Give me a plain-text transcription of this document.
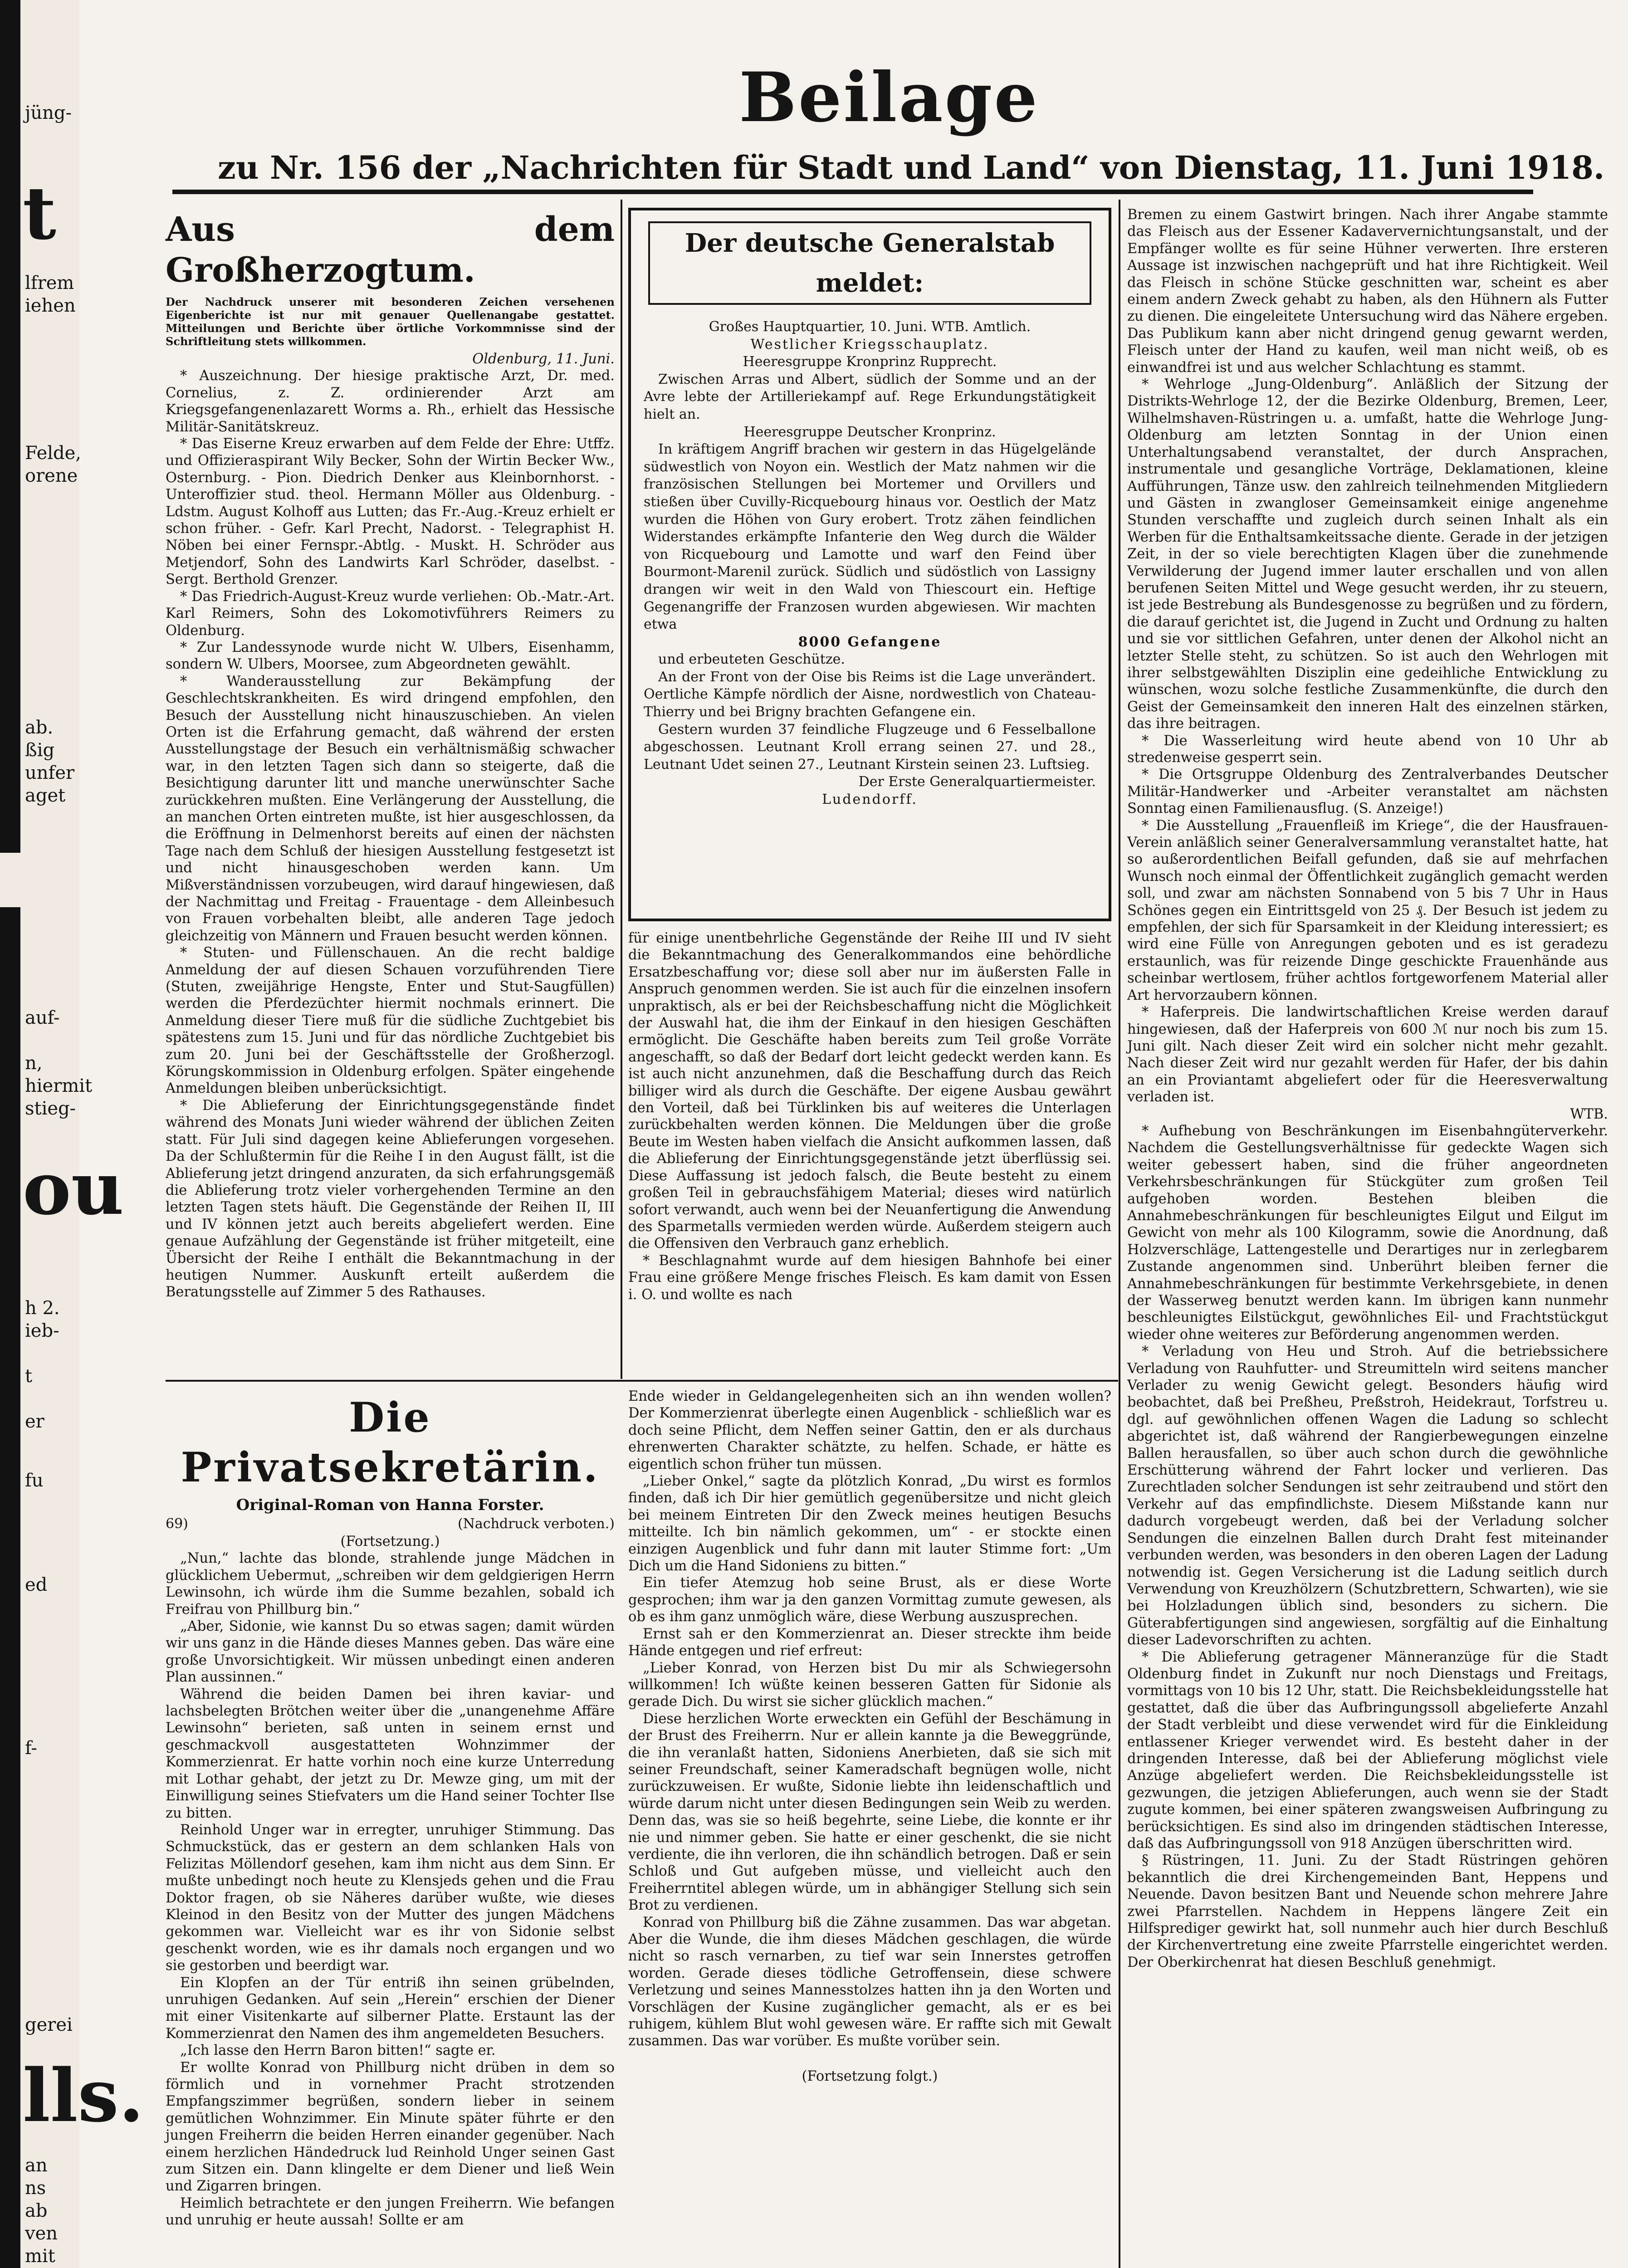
jüng-
t
lfrem
iehen
Felde,
orene
ab.
ßig
unfer
aget
auf-
n,
hiermit
stieg-
ou
h 2.
ieb-
t
er
fu
ed
f-
gerei
lls.
an
ns
ab
ven
mit
Beilage
zu Nr. 156 der „Nachrichten für Stadt und Land“ von Dienstag, 11. Juni 1918.
Aus dem Großherzogtum.
Der Nachdruck unserer mit besonderen Zeichen versehenen Eigenberichte ist nur mit genauer Quellenangabe gestattet. Mitteilungen und Berichte über örtliche Vorkommnisse sind der Schriftleitung stets willkommen.

Oldenburg, 11. Juni.

* Auszeichnung. Der hiesige praktische Arzt, Dr. med. Cornelius, z. Z. ordinierender Arzt am Kriegsgefangenenlazarett Worms a. Rh., erhielt das Hessische Militär-Sanitätskreuz.

* Das Eiserne Kreuz erwarben auf dem Felde der Ehre: Utffz. und Offizieraspirant Wily Becker, Sohn der Wirtin Becker Ww., Osternburg. - Pion. Diedrich Denker aus Kleinbornhorst. - Unteroffizier stud. theol. Hermann Möller aus Oldenburg. - Ldstm. August Kolhoff aus Lutten; das Fr.-Aug.-Kreuz erhielt er schon früher. - Gefr. Karl Precht, Nadorst. - Telegraphist H. Nöben bei einer Fernspr.-Abtlg. - Muskt. H. Schröder aus Metjendorf, Sohn des Landwirts Karl Schröder, daselbst. - Sergt. Berthold Grenzer.

* Das Friedrich-August-Kreuz wurde verliehen: Ob.-Matr.-Art. Karl Reimers, Sohn des Lokomotivführers Reimers zu Oldenburg.

* Zur Landessynode wurde nicht W. Ulbers, Eisenhamm, sondern W. Ulbers, Moorsee, zum Abgeordneten gewählt.

* Wanderausstellung zur Bekämpfung der Geschlechtskrankheiten. Es wird dringend empfohlen, den Besuch der Ausstellung nicht hinauszuschieben. An vielen Orten ist die Erfahrung gemacht, daß während der ersten Ausstellungstage der Besuch ein verhältnismäßig schwacher war, in den letzten Tagen sich dann so steigerte, daß die Besichtigung darunter litt und manche unerwünschter Sache zurückkehren mußten. Eine Verlängerung der Ausstellung, die an manchen Orten eintreten mußte, ist hier ausgeschlossen, da die Eröffnung in Delmenhorst bereits auf einen der nächsten Tage nach dem Schluß der hiesigen Ausstellung festgesetzt ist und nicht hinausgeschoben werden kann. Um Mißverständnissen vorzubeugen, wird darauf hingewiesen, daß der Nachmittag und Freitag - Frauentage - dem Alleinbesuch von Frauen vorbehalten bleibt, alle anderen Tage jedoch gleichzeitig von Männern und Frauen besucht werden können.

* Stuten- und Füllenschauen. An die recht baldige Anmeldung der auf diesen Schauen vorzuführenden Tiere (Stuten, zweijährige Hengste, Enter und Stut-Saugfüllen) werden die Pferdezüchter hiermit nochmals erinnert. Die Anmeldung dieser Tiere muß für die südliche Zuchtgebiet bis spätestens zum 15. Juni und für das nördliche Zuchtgebiet bis zum 20. Juni bei der Geschäftsstelle der Großherzogl. Körungskommission in Oldenburg erfolgen. Später eingehende Anmeldungen bleiben unberücksichtigt.

* Die Ablieferung der Einrichtungsgegenstände findet während des Monats Juni wieder während der üblichen Zeiten statt. Für Juli sind dagegen keine Ablieferungen vorgesehen. Da der Schlußtermin für die Reihe I in den August fällt, ist die Ablieferung jetzt dringend anzuraten, da sich erfahrungsgemäß die Ablieferung trotz vieler vorhergehenden Termine an den letzten Tagen stets häuft. Die Gegenstände der Reihen II, III und IV können jetzt auch bereits abgeliefert werden. Eine genaue Aufzählung der Gegenstände ist früher mitgeteilt, eine Übersicht der Reihe I enthält die Bekanntmachung in der heutigen Nummer. Auskunft erteilt außerdem die Beratungsstelle auf Zimmer 5 des Rathauses.

Der deutsche Generalstab meldet:

Großes Hauptquartier, 10. Juni. WTB. Amtlich.

Westlicher Kriegsschauplatz.

Heeresgruppe Kronprinz Rupprecht.

Zwischen Arras und Albert, südlich der Somme und an der Avre lebte der Artilleriekampf auf. Rege Erkundungstätigkeit hielt an.

Heeresgruppe Deutscher Kronprinz.

In kräftigem Angriff brachen wir gestern in das Hügelgelände südwestlich von Noyon ein. Westlich der Matz nahmen wir die französischen Stellungen bei Mortemer und Orvillers und stießen über Cuvilly-Ricquebourg hinaus vor. Oestlich der Matz wurden die Höhen von Gury erobert. Trotz zähen feindlichen Widerstandes erkämpfte Infanterie den Weg durch die Wälder von Ricquebourg und Lamotte und warf den Feind über Bourmont-Marenil zurück. Südlich und südöstlich von Lassigny drangen wir weit in den Wald von Thiescourt ein. Heftige Gegenangriffe der Franzosen wurden abgewiesen. Wir machten etwa

8000 Gefangene

und erbeuteten Geschütze.

An der Front von der Oise bis Reims ist die Lage unverändert. Oertliche Kämpfe nördlich der Aisne, nordwestlich von Chateau-Thierry und bei Brigny brachten Gefangene ein.

Gestern wurden 37 feindliche Flugzeuge und 6 Fesselballone abgeschossen. Leutnant Kroll errang seinen 27. und 28., Leutnant Udet seinen 27., Leutnant Kirstein seinen 23. Luftsieg.

Der Erste Generalquartiermeister.

Ludendorff.

für einige unentbehrliche Gegenstände der Reihe III und IV sieht die Bekanntmachung des Generalkommandos eine behördliche Ersatzbeschaffung vor; diese soll aber nur im äußersten Falle in Anspruch genommen werden. Sie ist auch für die einzelnen insofern unpraktisch, als er bei der Reichsbeschaffung nicht die Möglichkeit der Auswahl hat, die ihm der Einkauf in den hiesigen Geschäften ermöglicht. Die Geschäfte haben bereits zum Teil große Vorräte angeschafft, so daß der Bedarf dort leicht gedeckt werden kann. Es ist auch nicht anzunehmen, daß die Beschaffung durch das Reich billiger wird als durch die Geschäfte. Der eigene Ausbau gewährt den Vorteil, daß bei Türklinken bis auf weiteres die Unterlagen zurückbehalten werden können. Die Meldungen über die große Beute im Westen haben vielfach die Ansicht aufkommen lassen, daß die Ablieferung der Einrichtungsgegenstände jetzt überflüssig sei. Diese Auffassung ist jedoch falsch, die Beute besteht zu einem großen Teil in gebrauchsfähigem Material; dieses wird natürlich sofort verwandt, auch wenn bei der Neuanfertigung die Anwendung des Sparmetalls vermieden werden würde. Außerdem steigern auch die Offensiven den Verbrauch ganz erheblich.

* Beschlagnahmt wurde auf dem hiesigen Bahnhofe bei einer Frau eine größere Menge frisches Fleisch. Es kam damit von Essen i. O. und wollte es nach

Bremen zu einem Gastwirt bringen. Nach ihrer Angabe stammte das Fleisch aus der Essener Kadaververnichtungsanstalt, und der Empfänger wollte es für seine Hühner verwerten. Ihre ersteren Aussage ist inzwischen nachgeprüft und hat ihre Richtigkeit. Weil das Fleisch in schöne Stücke geschnitten war, scheint es aber einem andern Zweck gehabt zu haben, als den Hühnern als Futter zu dienen. Die eingeleitete Untersuchung wird das Nähere ergeben. Das Publikum kann aber nicht dringend genug gewarnt werden, Fleisch unter der Hand zu kaufen, weil man nicht weiß, ob es einwandfrei ist und aus welcher Schlachtung es stammt.

* Wehrloge „Jung-Oldenburg“. Anläßlich der Sitzung der Distrikts-Wehrloge 12, der die Bezirke Oldenburg, Bremen, Leer, Wilhelmshaven-Rüstringen u. a. umfaßt, hatte die Wehrloge Jung-Oldenburg am letzten Sonntag in der Union einen Unterhaltungsabend veranstaltet, der durch Ansprachen, instrumentale und gesangliche Vorträge, Deklamationen, kleine Aufführungen, Tänze usw. den zahlreich teilnehmenden Mitgliedern und Gästen in zwangloser Gemeinsamkeit einige angenehme Stunden verschaffte und zugleich durch seinen Inhalt als ein Werben für die Enthaltsamkeitssache diente. Gerade in der jetzigen Zeit, in der so viele berechtigten Klagen über die zunehmende Verwilderung der Jugend immer lauter erschallen und von allen berufenen Seiten Mittel und Wege gesucht werden, ihr zu steuern, ist jede Bestrebung als Bundesgenosse zu begrüßen und zu fördern, die darauf gerichtet ist, die Jugend in Zucht und Ordnung zu halten und sie vor sittlichen Gefahren, unter denen der Alkohol nicht an letzter Stelle steht, zu schützen. So ist auch den Wehrlogen mit ihrer selbstgewählten Disziplin eine gedeihliche Entwicklung zu wünschen, wozu solche festliche Zusammenkünfte, die durch den Geist der Gemeinsamkeit den inneren Halt des einzelnen stärken, das ihre beitragen.

* Die Wasserleitung wird heute abend von 10 Uhr ab stredenweise gesperrt sein.

* Die Ortsgruppe Oldenburg des Zentralverbandes Deutscher Militär-Handwerker und -Arbeiter veranstaltet am nächsten Sonntag einen Familienausflug. (S. Anzeige!)

* Die Ausstellung „Frauenfleiß im Kriege“, die der Hausfrauen-Verein anläßlich seiner Generalversammlung veranstaltet hatte, hat so außerordentlichen Beifall gefunden, daß sie auf mehrfachen Wunsch noch einmal der Öffentlichkeit zugänglich gemacht werden soll, und zwar am nächsten Sonnabend von 5 bis 7 Uhr in Haus Schönes gegen ein Eintrittsgeld von 25 ₰. Der Besuch ist jedem zu empfehlen, der sich für Sparsamkeit in der Kleidung interessiert; es wird eine Fülle von Anregungen geboten und es ist geradezu erstaunlich, was für reizende Dinge geschickte Frauenhände aus scheinbar wertlosem, früher achtlos fortgeworfenem Material aller Art hervorzaubern können.

* Haferpreis. Die landwirtschaftlichen Kreise werden darauf hingewiesen, daß der Haferpreis von 600 ℳ nur noch bis zum 15. Juni gilt. Nach dieser Zeit wird ein solcher nicht mehr gezahlt. Nach dieser Zeit wird nur gezahlt werden für Hafer, der bis dahin an ein Proviantamt abgeliefert oder für die Heeresverwaltung verladen ist.

WTB.

* Aufhebung von Beschränkungen im Eisenbahngüterverkehr. Nachdem die Gestellungsverhältnisse für gedeckte Wagen sich weiter gebessert haben, sind die früher angeordneten Verkehrsbeschränkungen für Stückgüter zum großen Teil aufgehoben worden. Bestehen bleiben die Annahmebeschränkungen für beschleunigtes Eilgut und Eilgut im Gewicht von mehr als 100 Kilogramm, sowie die Anordnung, daß Holzverschläge, Lattengestelle und Derartiges nur in zerlegbarem Zustande angenommen sind. Unberührt bleiben ferner die Annahmebeschränkungen für bestimmte Verkehrsgebiete, in denen der Wasserweg benutzt werden kann. Im übrigen kann nunmehr beschleunigtes Eilstückgut, gewöhnliches Eil- und Frachtstückgut wieder ohne weiteres zur Beförderung angenommen werden.

* Verladung von Heu und Stroh. Auf die betriebssichere Verladung von Rauhfutter- und Streumitteln wird seitens mancher Verlader zu wenig Gewicht gelegt. Besonders häufig wird beobachtet, daß bei Preßheu, Preßstroh, Heidekraut, Torfstreu u. dgl. auf gewöhnlichen offenen Wagen die Ladung so schlecht abgerichtet ist, daß während der Rangierbewegungen einzelne Ballen herausfallen, so über auch schon durch die gewöhnliche Erschütterung während der Fahrt locker und verlieren. Das Zurechtladen solcher Sendungen ist sehr zeitraubend und stört den Verkehr auf das empfindlichste. Diesem Mißstande kann nur dadurch vorgebeugt werden, daß bei der Verladung solcher Sendungen die einzelnen Ballen durch Draht fest miteinander verbunden werden, was besonders in den oberen Lagen der Ladung notwendig ist. Gegen Versicherung ist die Ladung seitlich durch Verwendung von Kreuzhölzern (Schutzbrettern, Schwarten), wie sie bei Holzladungen üblich sind, besonders zu sichern. Die Güterabfertigungen sind angewiesen, sorgfältig auf die Einhaltung dieser Ladevorschriften zu achten.

* Die Ablieferung getragener Männeranzüge für die Stadt Oldenburg findet in Zukunft nur noch Dienstags und Freitags, vormittags von 10 bis 12 Uhr, statt. Die Reichsbekleidungsstelle hat gestattet, daß die über das Aufbringungssoll abgelieferte Anzahl der Stadt verbleibt und diese verwendet wird für die Einkleidung entlassener Krieger verwendet wird. Es besteht daher in der dringenden Interesse, daß bei der Ablieferung möglichst viele Anzüge abgeliefert werden. Die Reichsbekleidungsstelle ist gezwungen, die jetzigen Ablieferungen, auch wenn sie der Stadt zugute kommen, bei einer späteren zwangsweisen Aufbringung zu berücksichtigen. Es sind also im dringenden städtischen Interesse, daß das Aufbringungssoll von 918 Anzügen überschritten wird.

§ Rüstringen, 11. Juni. Zu der Stadt Rüstringen gehören bekanntlich die drei Kirchengemeinden Bant, Heppens und Neuende. Davon besitzen Bant und Neuende schon mehrere Jahre zwei Pfarrstellen. Nachdem in Heppens längere Zeit ein Hilfsprediger gewirkt hat, soll nunmehr auch hier durch Beschluß der Kirchenvertretung eine zweite Pfarrstelle eingerichtet werden. Der Oberkirchenrat hat diesen Beschluß genehmigt.

Die Privatsekretärin.
Original-Roman von Hanna Forster.
69)	(Nachdruck verboten.)

(Fortsetzung.)

„Nun,“ lachte das blonde, strahlende junge Mädchen in glücklichem Uebermut, „schreiben wir dem geldgierigen Herrn Lewinsohn, ich würde ihm die Summe bezahlen, sobald ich Freifrau von Phillburg bin.“

„Aber, Sidonie, wie kannst Du so etwas sagen; damit würden wir uns ganz in die Hände dieses Mannes geben. Das wäre eine große Unvorsichtigkeit. Wir müssen unbedingt einen anderen Plan aussinnen.“

Während die beiden Damen bei ihren kaviar- und lachsbelegten Brötchen weiter über die „unangenehme Affäre Lewinsohn“ berieten, saß unten in seinem ernst und geschmackvoll ausgestatteten Wohnzimmer der Kommerzienrat. Er hatte vorhin noch eine kurze Unterredung mit Lothar gehabt, der jetzt zu Dr. Mewze ging, um mit der Einwilligung seines Stiefvaters um die Hand seiner Tochter Ilse zu bitten.

Reinhold Unger war in erregter, unruhiger Stimmung. Das Schmuckstück, das er gestern an dem schlanken Hals von Felizitas Möllendorf gesehen, kam ihm nicht aus dem Sinn. Er mußte unbedingt noch heute zu Klensjeds gehen und die Frau Doktor fragen, ob sie Näheres darüber wußte, wie dieses Kleinod in den Besitz von der Mutter des jungen Mädchens gekommen war. Vielleicht war es ihr von Sidonie selbst geschenkt worden, wie es ihr damals noch ergangen und wo sie gestorben und beerdigt war.

Ein Klopfen an der Tür entriß ihn seinen grübelnden, unruhigen Gedanken. Auf sein „Herein“ erschien der Diener mit einer Visitenkarte auf silberner Platte. Erstaunt las der Kommerzienrat den Namen des ihm angemeldeten Besuchers.

„Ich lasse den Herrn Baron bitten!“ sagte er.

Er wollte Konrad von Phillburg nicht drüben in dem so förmlich und in vornehmer Pracht strotzenden Empfangszimmer begrüßen, sondern lieber in seinem gemütlichen Wohnzimmer. Ein Minute später führte er den jungen Freiherrn die beiden Herren einander gegenüber. Nach einem herzlichen Händedruck lud Reinhold Unger seinen Gast zum Sitzen ein. Dann klingelte er dem Diener und ließ Wein und Zigarren bringen.

Heimlich betrachtete er den jungen Freiherrn. Wie befangen und unruhig er heute aussah! Sollte er am

Ende wieder in Geldangelegenheiten sich an ihn wenden wollen? Der Kommerzienrat überlegte einen Augenblick - schließlich war es doch seine Pflicht, dem Neffen seiner Gattin, den er als durchaus ehrenwerten Charakter schätzte, zu helfen. Schade, er hätte es eigentlich schon früher tun müssen.

„Lieber Onkel,“ sagte da plötzlich Konrad, „Du wirst es formlos finden, daß ich Dir hier gemütlich gegenübersitze und nicht gleich bei meinem Eintreten Dir den Zweck meines heutigen Besuchs mitteilte. Ich bin nämlich gekommen, um“ - er stockte einen einzigen Augenblick und fuhr dann mit lauter Stimme fort: „Um Dich um die Hand Sidoniens zu bitten.“

Ein tiefer Atemzug hob seine Brust, als er diese Worte gesprochen; ihm war ja den ganzen Vormittag zumute gewesen, als ob es ihm ganz unmöglich wäre, diese Werbung auszusprechen.

Ernst sah er den Kommerzienrat an. Dieser streckte ihm beide Hände entgegen und rief erfreut:

„Lieber Konrad, von Herzen bist Du mir als Schwiegersohn willkommen! Ich wüßte keinen besseren Gatten für Sidonie als gerade Dich. Du wirst sie sicher glücklich machen.“

Diese herzlichen Worte erweckten ein Gefühl der Beschämung in der Brust des Freiherrn. Nur er allein kannte ja die Beweggründe, die ihn veranlaßt hatten, Sidoniens Anerbieten, daß sie sich mit seiner Freundschaft, seiner Kameradschaft begnügen wolle, nicht zurückzuweisen. Er wußte, Sidonie liebte ihn leidenschaftlich und würde darum nicht unter diesen Bedingungen sein Weib zu werden. Denn das, was sie so heiß begehrte, seine Liebe, die konnte er ihr nie und nimmer geben. Sie hatte er einer geschenkt, die sie nicht verdiente, die ihn verloren, die ihn schändlich betrogen. Daß er sein Schloß und Gut aufgeben müsse, und vielleicht auch den Freiherrntitel ablegen würde, um in abhängiger Stellung sich sein Brot zu verdienen.

Konrad von Phillburg biß die Zähne zusammen. Das war abgetan. Aber die Wunde, die ihm dieses Mädchen geschlagen, die würde nicht so rasch vernarben, zu tief war sein Innerstes getroffen worden. Gerade dieses tödliche Getroffensein, diese schwere Verletzung und seines Mannesstolzes hatten ihn ja den Worten und Vorschlägen der Kusine zugänglicher gemacht, als er es bei ruhigem, kühlem Blut wohl gewesen wäre. Er raffte sich mit Gewalt zusammen. Das war vorüber. Es mußte vorüber sein.

(Fortsetzung folgt.)
